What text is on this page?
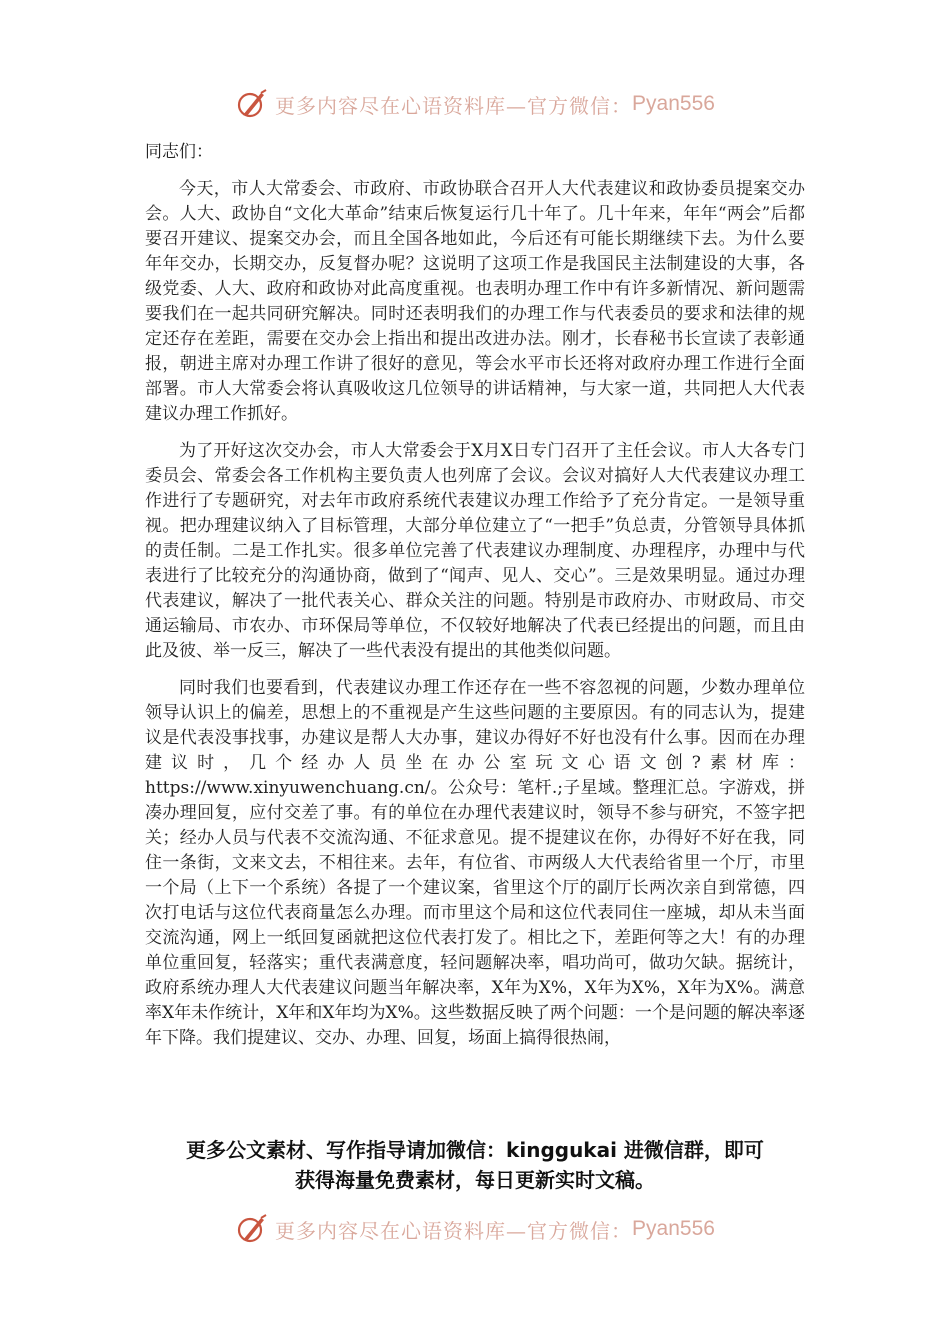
更多内容尽在心语资料库—官方微信： Pyan556

同志们：

今天，市人大常委会、市政府、市政协联合召开人大代表建议和政协委员提案交办会。人大、政协自“文化大革命”结束后恢复运行几十年了。几十年来，年年“两会”后都要召开建议、提案交办会，而且全国各地如此，今后还有可能长期继续下去。为什么要年年交办，长期交办，反复督办呢？这说明了这项工作是我国民主法制建设的大事，各级党委、人大、政府和政协对此高度重视。也表明办理工作中有许多新情况、新问题需要我们在一起共同研究解决。同时还表明我们的办理工作与代表委员的要求和法律的规定还存在差距，需要在交办会上指出和提出改进办法。刚才，长春秘书长宣读了表彰通报，朝进主席对办理工作讲了很好的意见，等会水平市长还将对政府办理工作进行全面部署。市人大常委会将认真吸收这几位领导的讲话精神，与大家一道，共同把人大代表建议办理工作抓好。

为了开好这次交办会，市人大常委会于X月X日专门召开了主任会议。市人大各专门委员会、常委会各工作机构主要负责人也列席了会议。会议对搞好人大代表建议办理工作进行了专题研究，对去年市政府系统代表建议办理工作给予了充分肯定。一是领导重视。把办理建议纳入了目标管理，大部分单位建立了“一把手”负总责，分管领导具体抓的责任制。二是工作扎实。很多单位完善了代表建议办理制度、办理程序，办理中与代表进行了比较充分的沟通协商，做到了“闻声、见人、交心”。三是效果明显。通过办理代表建议，解决了一批代表关心、群众关注的问题。特别是市政府办、市财政局、市交通运输局、市农办、市环保局等单位，不仅较好地解决了代表已经提出的问题，而且由此及彼、举一反三，解决了一些代表没有提出的其他类似问题。

同时我们也要看到，代表建议办理工作还存在一些不容忽视的问题，少数办理单位领导认识上的偏差，思想上的不重视是产生这些问题的主要原因。有的同志认为，提建议是代表没事找事，办建议是帮人大办事，建议办得好不好也没有什么事。因而在办理建议时，几个经办人员坐在办公室玩文心语文创?素材库：https://www.xinyuwenchuang.cn/。公众号：笔杆.;子星域。整理汇总。字游戏，拼凑办理回复，应付交差了事。有的单位在办理代表建议时，领导不参与研究，不签字把关；经办人员与代表不交流沟通、不征求意见。提不提建议在你，办得好不好在我，同住一条街，文来文去，不相往来。去年，有位省、市两级人大代表给省里一个厅，市里一个局（上下一个系统）各提了一个建议案，省里这个厅的副厅长两次亲自到常德，四次打电话与这位代表商量怎么办理。而市里这个局和这位代表同住一座城，却从未当面交流沟通，网上一纸回复函就把这位代表打发了。相比之下，差距何等之大！有的办理单位重回复，轻落实；重代表满意度，轻问题解决率，唱功尚可，做功欠缺。据统计，政府系统办理人大代表建议问题当年解决率，X年为X%，X年为X%，X年为X%。满意率X年未作统计，X年和X年均为X%。这些数据反映了两个问题：一个是问题的解决率逐年下降。我们提建议、交办、办理、回复，场面上搞得很热闹，

更多公文素材、写作指导请加微信：kinggukai 进微信群，即可
获得海量免费素材，每日更新实时文稿。
更多内容尽在心语资料库—官方微信： Pyan556
